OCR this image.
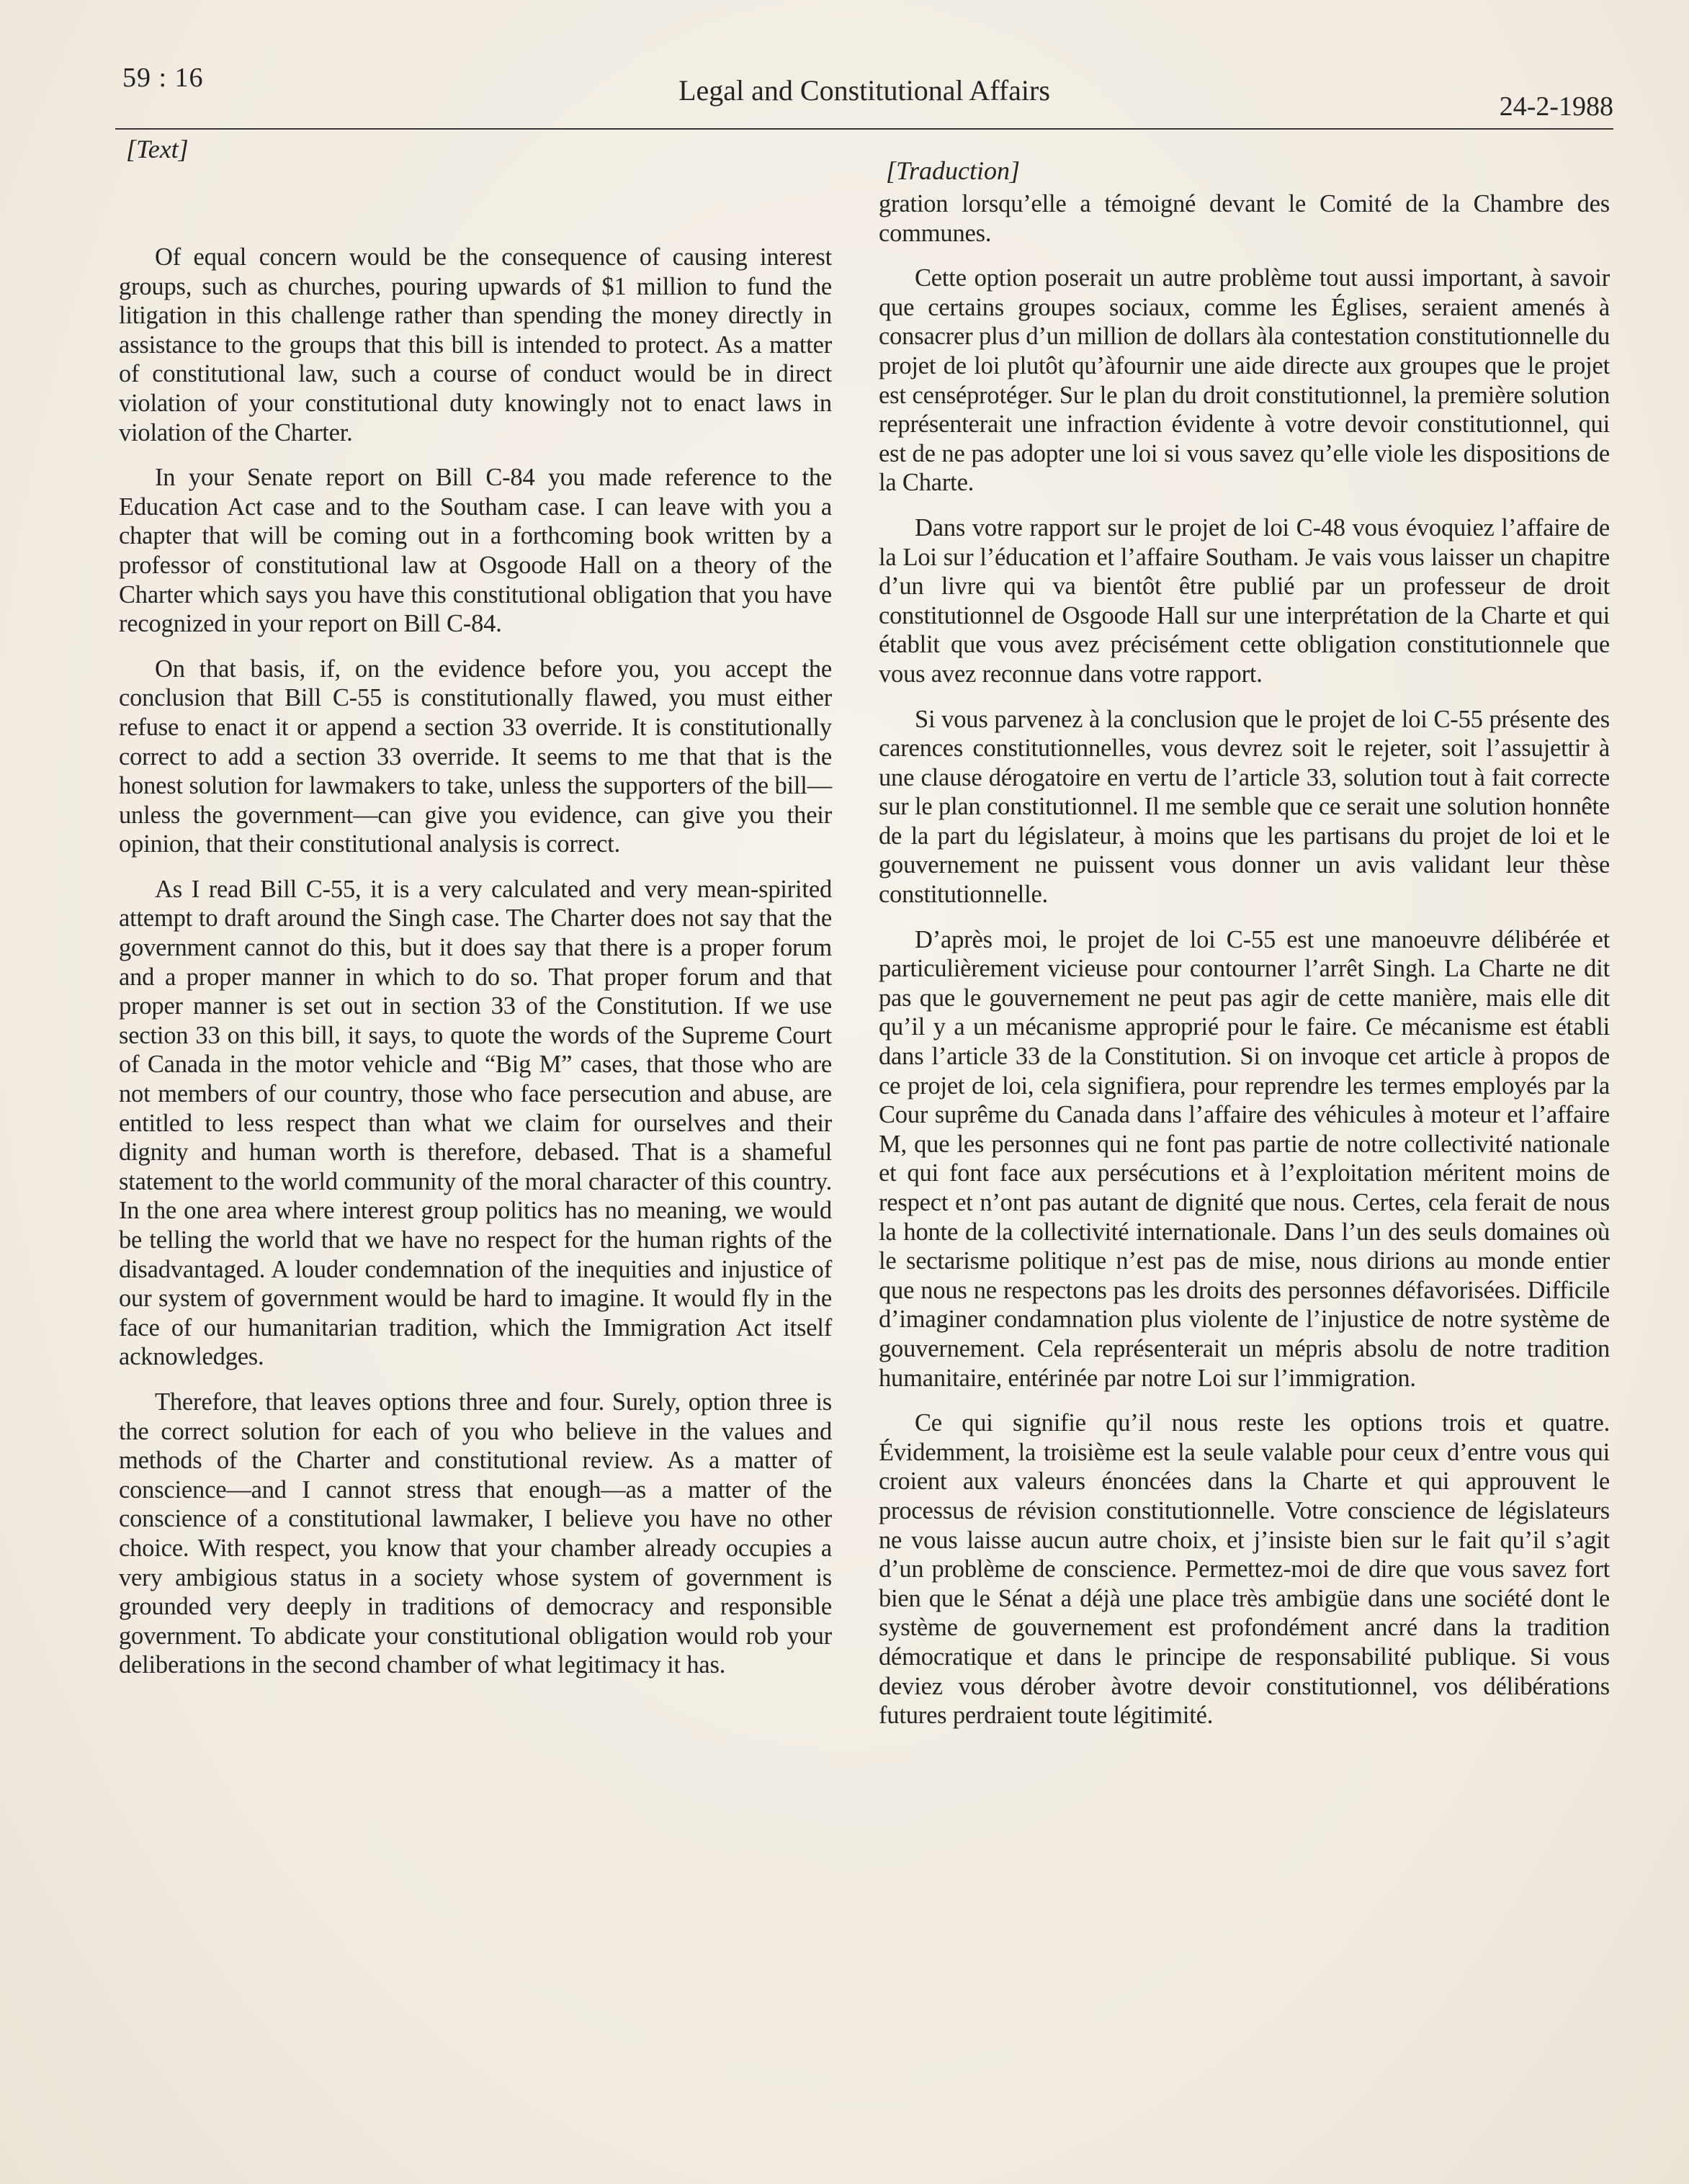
59 : 16	Legal and Constitutional Affairs	24-2-1988
[Text]

Of equal concern would be the consequence of causing interest groups, such as churches, pouring upwards of $1 million to fund the litigation in this challenge rather than spending the money directly in assistance to the groups that this bill is intended to protect. As a matter of constitutional law, such a course of conduct would be in direct violation of your constitutional duty knowingly not to enact laws in violation of the Charter.

In your Senate report on Bill C-84 you made reference to the Education Act case and to the Southam case. I can leave with you a chapter that will be coming out in a forthcoming book written by a professor of constitutional law at Osgoode Hall on a theory of the Charter which says you have this constitutional obligation that you have recognized in your report on Bill C-84.

On that basis, if, on the evidence before you, you accept the conclusion that Bill C-55 is constitutionally flawed, you must either refuse to enact it or append a section 33 override. It is constitutionally correct to add a section 33 override. It seems to me that that is the honest solution for lawmakers to take, unless the supporters of the bill—unless the government—can give you evidence, can give you their opinion, that their constitutional analysis is correct.

As I read Bill C-55, it is a very calculated and very mean-spirited attempt to draft around the Singh case. The Charter does not say that the government cannot do this, but it does say that there is a proper forum and a proper manner in which to do so. That proper forum and that proper manner is set out in section 33 of the Constitution. If we use section 33 on this bill, it says, to quote the words of the Supreme Court of Canada in the motor vehicle and “Big M” cases, that those who are not members of our country, those who face persecution and abuse, are entitled to less respect than what we claim for ourselves and their dignity and human worth is therefore, debased. That is a shameful statement to the world community of the moral character of this country. In the one area where interest group politics has no meaning, we would be telling the world that we have no respect for the human rights of the disadvantaged. A louder condemnation of the inequities and injustice of our system of government would be hard to imagine. It would fly in the face of our humanitarian tradition, which the Immigration Act itself acknowledges.

Therefore, that leaves options three and four. Surely, option three is the correct solution for each of you who believe in the values and methods of the Charter and constitutional review. As a matter of conscience—and I cannot stress that enough—as a matter of the conscience of a constitutional lawmaker, I believe you have no other choice. With respect, you know that your chamber already occupies a very ambigious status in a society whose system of government is grounded very deeply in traditions of democracy and responsible government. To abdicate your constitutional obligation would rob your deliberations in the second chamber of what legitimacy it has.

[Traduction]

gration lorsqu’elle a témoigné devant le Comité de la Chambre des communes.

Cette option poserait un autre problème tout aussi important, à savoir que certains groupes sociaux, comme les Églises, seraient amenés à consacrer plus d’un million de dollars àla contestation constitutionnelle du projet de loi plutôt qu’àfournir une aide directe aux groupes que le projet est censéprotéger. Sur le plan du droit constitutionnel, la première solution représenterait une infraction évidente à votre devoir constitutionnel, qui est de ne pas adopter une loi si vous savez qu’elle viole les dispositions de la Charte.

Dans votre rapport sur le projet de loi C-48 vous évoquiez l’affaire de la Loi sur l’éducation et l’affaire Southam. Je vais vous laisser un chapitre d’un livre qui va bientôt être publié par un professeur de droit constitutionnel de Osgoode Hall sur une interprétation de la Charte et qui établit que vous avez précisément cette obligation constitutionnele que vous avez reconnue dans votre rapport.

Si vous parvenez à la conclusion que le projet de loi C-55 présente des carences constitutionnelles, vous devrez soit le rejeter, soit l’assujettir à une clause dérogatoire en vertu de l’article 33, solution tout à fait correcte sur le plan constitutionnel. Il me semble que ce serait une solution honnête de la part du législateur, à moins que les partisans du projet de loi et le gouvernement ne puissent vous donner un avis validant leur thèse constitutionnelle.

D’après moi, le projet de loi C-55 est une manoeuvre délibérée et particulièrement vicieuse pour contourner l’arrêt Singh. La Charte ne dit pas que le gouvernement ne peut pas agir de cette manière, mais elle dit qu’il y a un mécanisme approprié pour le faire. Ce mécanisme est établi dans l’article 33 de la Constitution. Si on invoque cet article à propos de ce projet de loi, cela signifiera, pour reprendre les termes employés par la Cour suprême du Canada dans l’affaire des véhicules à moteur et l’affaire M, que les personnes qui ne font pas partie de notre collectivité nationale et qui font face aux persécutions et à l’exploitation méritent moins de respect et n’ont pas autant de dignité que nous. Certes, cela ferait de nous la honte de la collectivité internationale. Dans l’un des seuls domaines où le sectarisme politique n’est pas de mise, nous dirions au monde entier que nous ne respectons pas les droits des personnes défavorisées. Difficile d’imaginer condamnation plus violente de l’injustice de notre système de gouvernement. Cela représenterait un mépris absolu de notre tradition humanitaire, entérinée par notre Loi sur l’immigration.

Ce qui signifie qu’il nous reste les options trois et quatre. Évidemment, la troisième est la seule valable pour ceux d’entre vous qui croient aux valeurs énoncées dans la Charte et qui approuvent le processus de révision constitutionnelle. Votre conscience de législateurs ne vous laisse aucun autre choix, et j’insiste bien sur le fait qu’il s’agit d’un problème de conscience. Permettez-moi de dire que vous savez fort bien que le Sénat a déjà une place très ambigüe dans une société dont le système de gouvernement est profondément ancré dans la tradition démocratique et dans le principe de responsabilité publique. Si vous deviez vous dérober àvotre devoir constitutionnel, vos délibérations futures perdraient toute légitimité.
